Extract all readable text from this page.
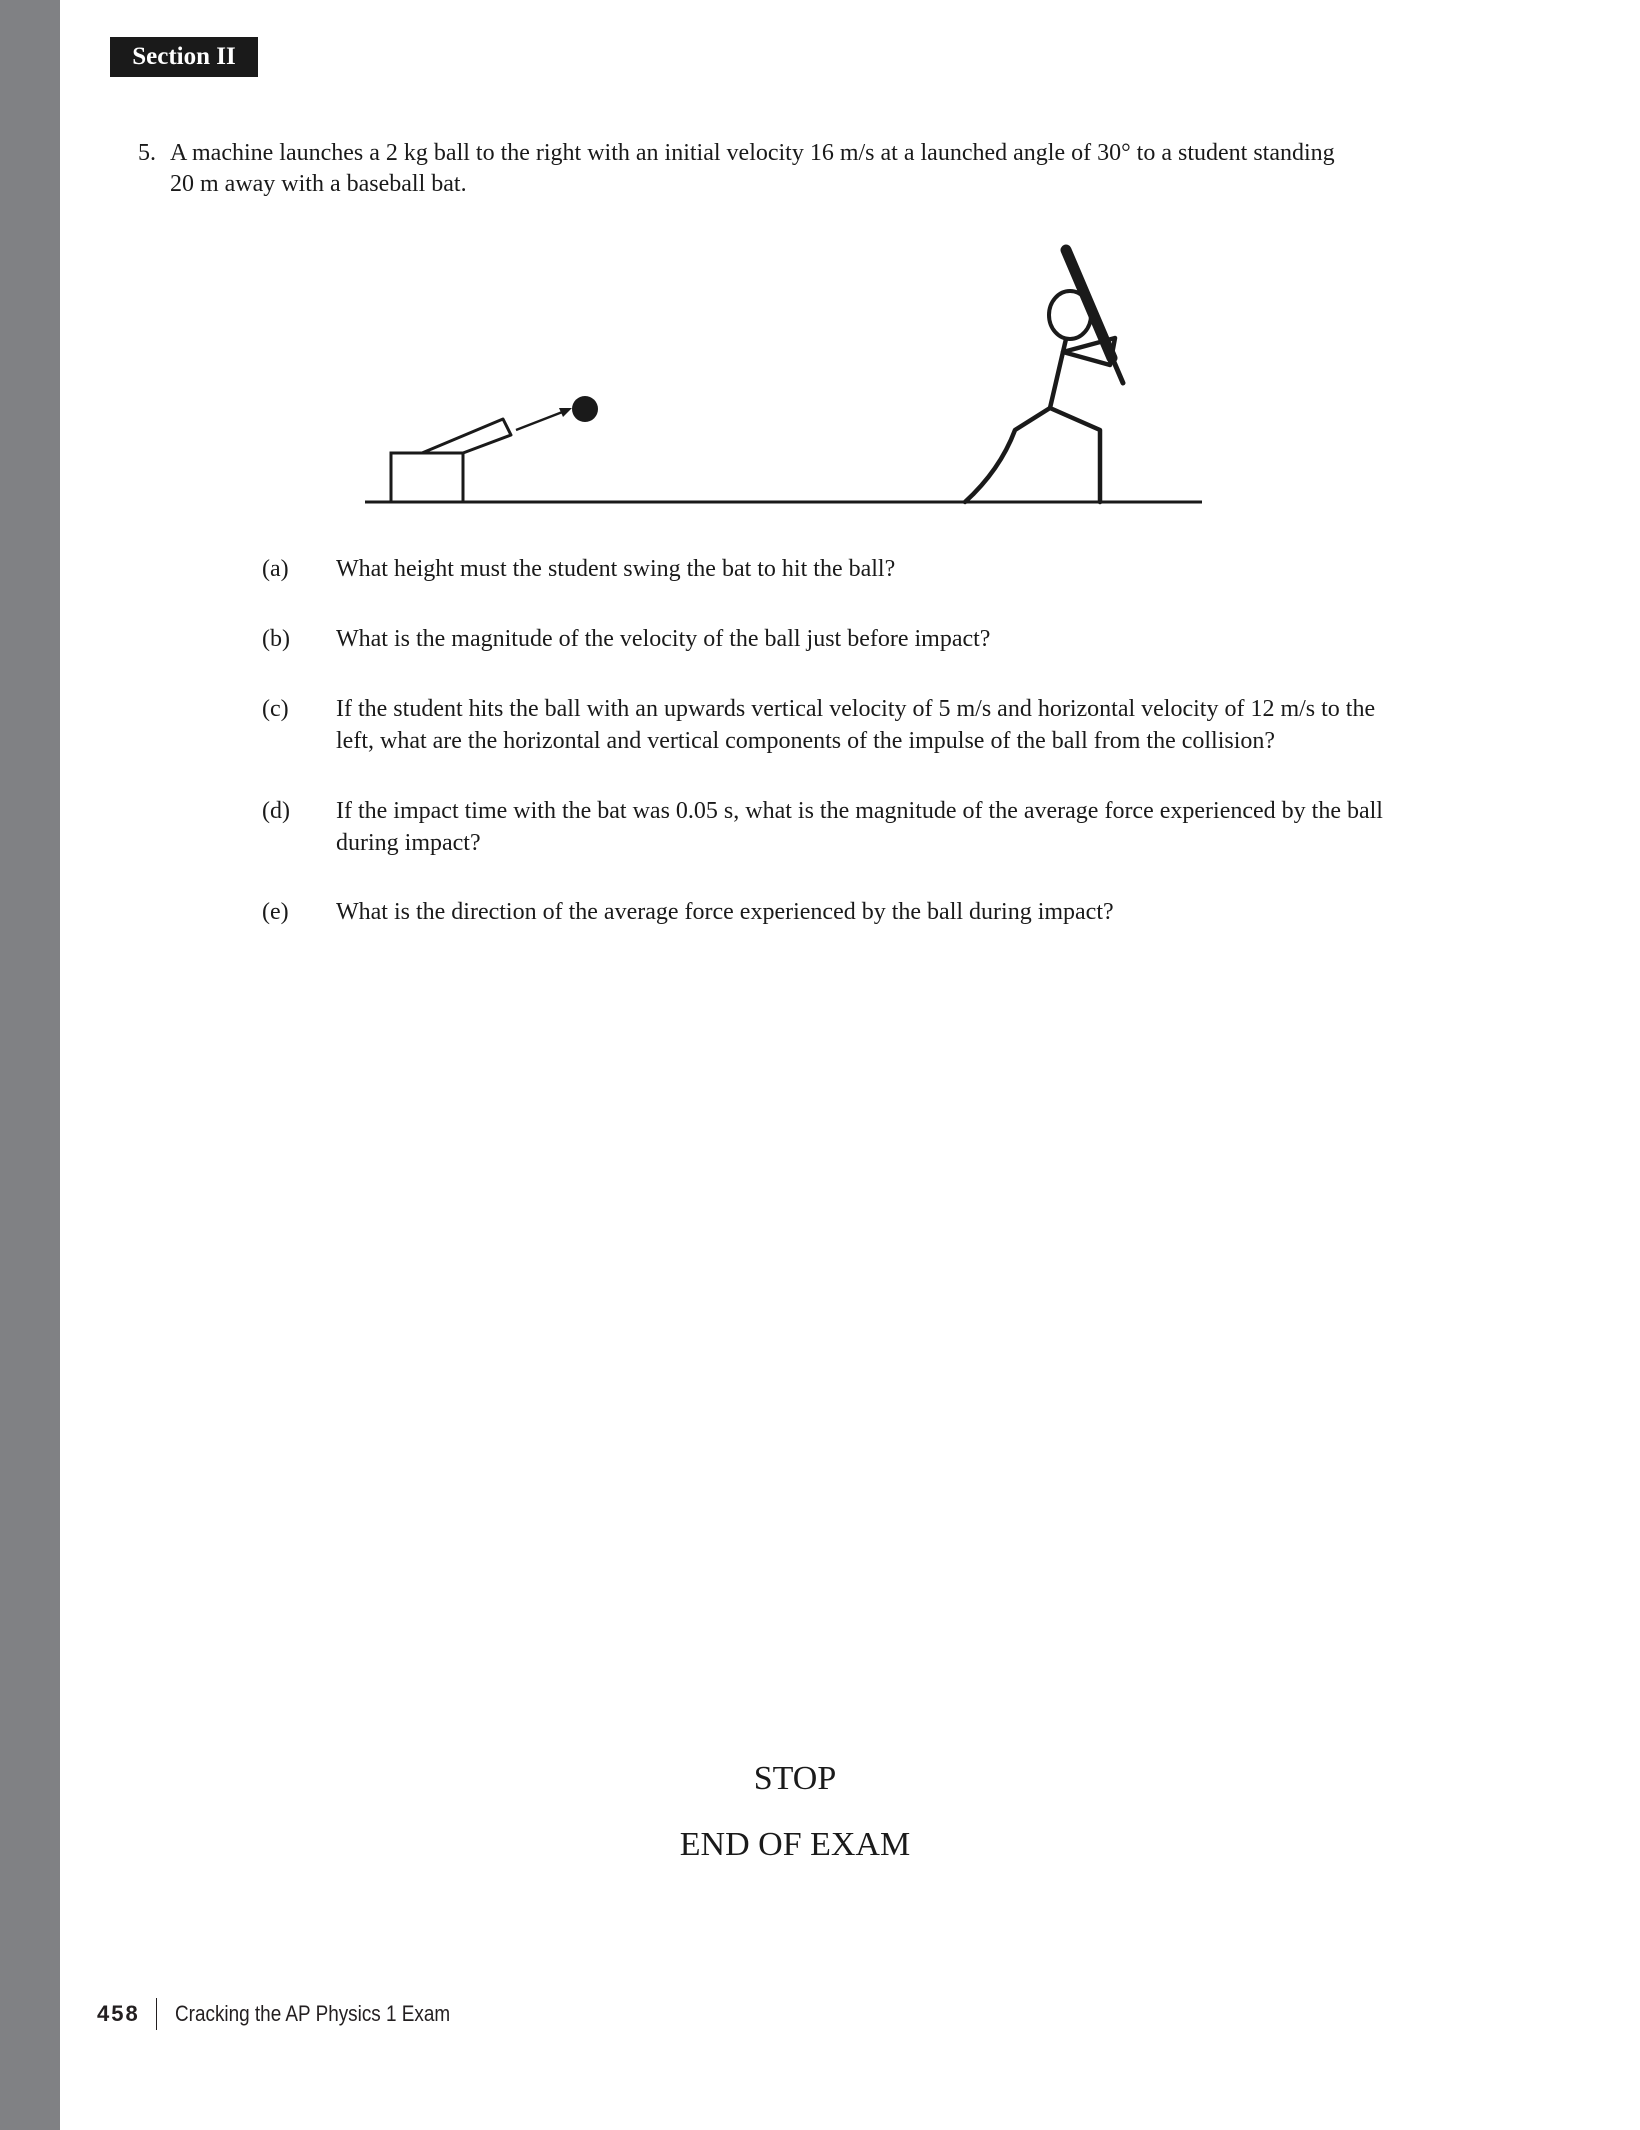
Section II
5. A machine launches a 2 kg ball to the right with an initial velocity 16 m/s at a launched angle of 30° to a student standing
20 m away with a baseball bat.
(a) What height must the student swing the bat to hit the ball?
(b) What is the magnitude of the velocity of the ball just before impact?
(c) If the student hits the ball with an upwards vertical velocity of 5 m/s and horizontal velocity of 12 m/s to the
left, what are the horizontal and vertical components of the impulse of the ball from the collision?
(d) If the impact time with the bat was 0.05 s, what is the magnitude of the average force experienced by the ball
during impact?
(e) What is the direction of the average force experienced by the ball during impact?
STOP
END OF EXAM
458 Cracking the AP Physics 1 Exam
